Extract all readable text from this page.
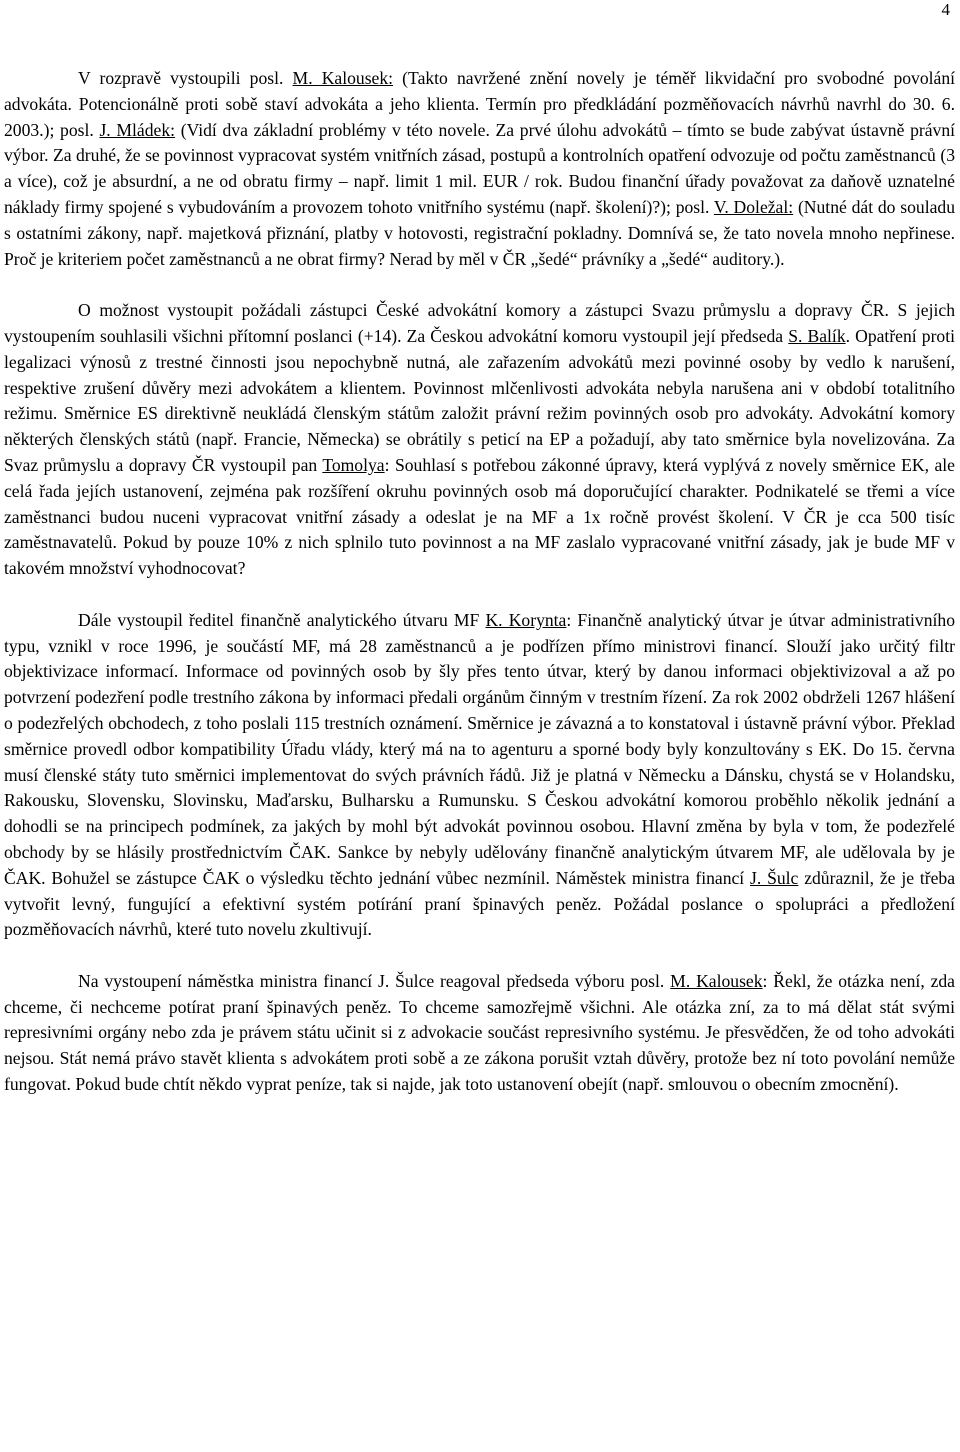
4

V rozpravě vystoupili posl. M. Kalousek: (Takto navržené znění novely je téměř likvidační pro svobodné povolání advokáta. Potencionálně proti sobě staví advokáta a jeho klienta. Termín pro předkládání pozměňovacích návrhů navrhl do 30. 6. 2003.); posl. J. Mládek: (Vidí dva základní problémy v této novele. Za prvé úlohu advokátů – tímto se bude zabývat ústavně právní výbor. Za druhé, že se povinnost vypracovat systém vnitřních zásad, postupů a kontrolních opatření odvozuje od počtu zaměstnanců (3 a více), což je absurdní, a ne od obratu firmy – např. limit 1 mil. EUR / rok. Budou finanční úřady považovat za daňově uznatelné náklady firmy spojené s vybudováním a provozem tohoto vnitřního systému (např. školení)?); posl. V. Doležal: (Nutné dát do souladu s ostatními zákony, např. majetková přiznání, platby v hotovosti, registrační pokladny. Domnívá se, že tato novela mnoho nepřinese. Proč je kriteriem počet zaměstnanců a ne obrat firmy? Nerad by měl v ČR „šedé“ právníky a „šedé“ auditory.).

O možnost vystoupit požádali zástupci České advokátní komory a zástupci Svazu průmyslu a dopravy ČR. S jejich vystoupením souhlasili všichni přítomní poslanci (+14). Za Českou advokátní komoru vystoupil její předseda S. Balík. Opatření proti legalizaci výnosů z trestné činnosti jsou nepochybně nutná, ale zařazením advokátů mezi povinné osoby by vedlo k narušení, respektive zrušení důvěry mezi advokátem a klientem. Povinnost mlčenlivosti advokáta nebyla narušena ani v období totalitního režimu. Směrnice ES direktivně neukládá členským státům založit právní režim povinných osob pro advokáty. Advokátní komory některých členských států (např. Francie, Německa) se obrátily s peticí na EP a požadují, aby tato směrnice byla novelizována. Za Svaz průmyslu a dopravy ČR vystoupil pan Tomolya: Souhlasí s potřebou zákonné úpravy, která vyplývá z novely směrnice EK, ale celá řada jejích ustanovení, zejména pak rozšíření okruhu povinných osob má doporučující charakter. Podnikatelé se třemi a více zaměstnanci budou nuceni vypracovat vnitřní zásady a odeslat je na MF a 1x ročně provést školení. V ČR je cca 500 tisíc zaměstnavatelů. Pokud by pouze 10% z nich splnilo tuto povinnost a na MF zaslalo vypracované vnitřní zásady, jak je bude MF v takovém množství vyhodnocovat?

Dále vystoupil ředitel finančně analytického útvaru MF K. Korynta: Finančně analytický útvar je útvar administrativního typu, vznikl v roce 1996, je součástí MF, má 28 zaměstnanců a je podřízen přímo ministrovi financí. Slouží jako určitý filtr objektivizace informací. Informace od povinných osob by šly přes tento útvar, který by danou informaci objektivizoval a až po potvrzení podezření podle trestního zákona by informaci předali orgánům činným v trestním řízení. Za rok 2002 obdrželi 1267 hlášení o podezřelých obchodech, z toho poslali 115 trestních oznámení. Směrnice je závazná a to konstatoval i ústavně právní výbor. Překlad směrnice provedl odbor kompatibility Úřadu vlády, který má na to agenturu a sporné body byly konzultovány s EK. Do 15. června musí členské státy tuto směrnici implementovat do svých právních řádů. Již je platná v Německu a Dánsku, chystá se v Holandsku, Rakousku, Slovensku, Slovinsku, Maďarsku, Bulharsku a Rumunsku. S Českou advokátní komorou proběhlo několik jednání a dohodli se na principech podmínek, za jakých by mohl být advokát povinnou osobou. Hlavní změna by byla v tom, že podezřelé obchody by se hlásily prostřednictvím ČAK. Sankce by nebyly udělovány finančně analytickým útvarem MF, ale udělovala by je ČAK. Bohužel se zástupce ČAK o výsledku těchto jednání vůbec nezmínil. Náměstek ministra financí J. Šulc zdůraznil, že je třeba vytvořit levný, fungující a efektivní systém potírání praní špinavých peněz. Požádal poslance o spolupráci a předložení pozměňovacích návrhů, které tuto novelu zkultivují.

Na vystoupení náměstka ministra financí J. Šulce reagoval předseda výboru posl. M. Kalousek: Řekl, že otázka není, zda chceme, či nechceme potírat praní špinavých peněz. To chceme samozřejmě všichni. Ale otázka zní, za to má dělat stát svými represivními orgány nebo zda je právem státu učinit si z advokacie součást represivního systému. Je přesvědčen, že od toho advokáti nejsou. Stát nemá právo stavět klienta s advokátem proti sobě a ze zákona porušit vztah důvěry, protože bez ní toto povolání nemůže fungovat. Pokud bude chtít někdo vyprat peníze, tak si najde, jak toto ustanovení obejít (např. smlouvou o obecním zmocnění).
